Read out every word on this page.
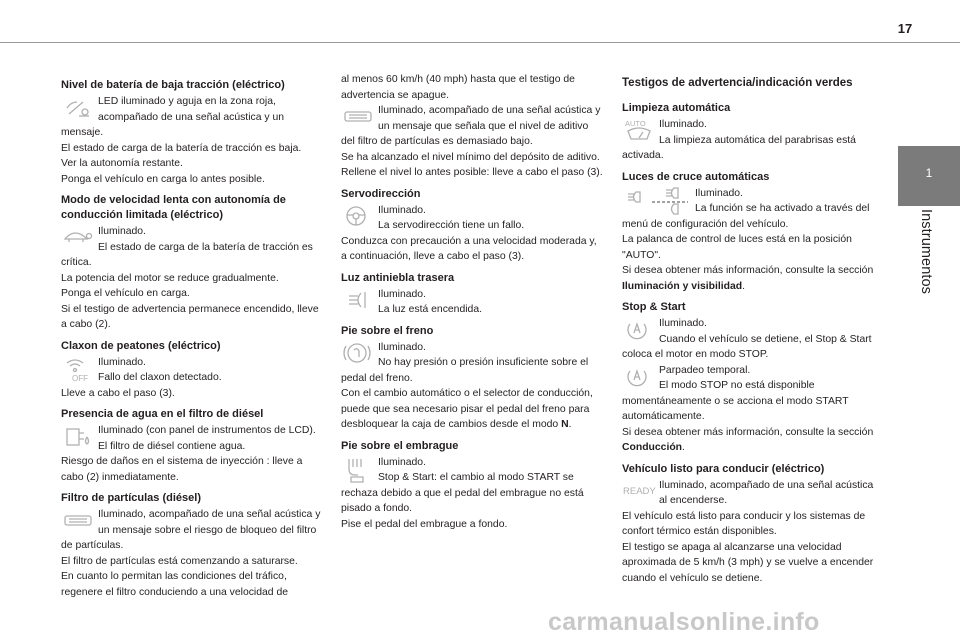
17
1
Instrumentos
Nivel de batería de baja tracción (eléctrico)

LED iluminado y aguja en la zona roja, acompañado de una señal acústica y un mensaje.

El estado de carga de la batería de tracción es baja.

Ver la autonomía restante.

Ponga el vehículo en carga lo antes posible.

Modo de velocidad lenta con autonomía de conducción limitada (eléctrico)

Iluminado.

El estado de carga de la batería de tracción es crítica.

La potencia del motor se reduce gradualmente.

Ponga el vehículo en carga.

Si el testigo de advertencia permanece encendido, lleve a cabo (2).

Claxon de peatones (eléctrico)
OFF

Iluminado.

Fallo del claxon detectado.

Lleve a cabo el paso (3).

Presencia de agua en el filtro de diésel

Iluminado (con panel de instrumentos de LCD).

El filtro de diésel contiene agua.

Riesgo de daños en el sistema de inyección : lleve a cabo (2) inmediatamente.

Filtro de partículas (diésel)

Iluminado, acompañado de una señal acústica y un mensaje sobre el riesgo de bloqueo del filtro de partículas.

El filtro de partículas está comenzando a saturarse.

En cuanto lo permitan las condiciones del tráfico, regenere el filtro conduciendo a una velocidad de

al menos 60 km/h (40 mph) hasta que el testigo de advertencia se apague.

Iluminado, acompañado de una señal acústica y un mensaje que señala que el nivel de aditivo del filtro de partículas es demasiado bajo.

Se ha alcanzado el nivel mínimo del depósito de aditivo.

Rellene el nivel lo antes posible: lleve a cabo el paso (3).

Servodirección

Iluminado.

La servodirección tiene un fallo.

Conduzca con precaución a una velocidad moderada y, a continuación, lleve a cabo el paso (3).

Luz antiniebla trasera

Iluminado.

La luz está encendida.

Pie sobre el freno

Iluminado.

No hay presión o presión insuficiente sobre el pedal del freno.

Con el cambio automático o el selector de conducción, puede que sea necesario pisar el pedal del freno para desbloquear la caja de cambios desde el modo N.

Pie sobre el embrague

Iluminado.

Stop & Start: el cambio al modo START se rechaza debido a que el pedal del embrague no está pisado a fondo.

Pise el pedal del embrague a fondo.

Testigos de advertencia/indicación verdes
Limpieza automática
AUTO	Iluminado.

La limpieza automática del parabrisas está activada.

Luces de cruce automáticas

Iluminado.

La función se ha activado a través del menú de configuración del vehículo.

La palanca de control de luces está en la posición "AUTO".

Si desea obtener más información, consulte la sección Iluminación y visibilidad.

Stop & Start

Iluminado.

Cuando el vehículo se detiene, el Stop & Start coloca el motor en modo STOP.

Parpadeo temporal.

El modo STOP no está disponible momentáneamente o se acciona el modo START automáticamente.

Si desea obtener más información, consulte la sección Conducción.

Vehículo listo para conducir (eléctrico)
READY

Iluminado, acompañado de una señal acústica al encenderse.

El vehículo está listo para conducir y los sistemas de confort térmico están disponibles.

El testigo se apaga al alcanzarse una velocidad aproximada de 5 km/h (3 mph) y se vuelve a encender cuando el vehículo se detiene.

carmanualsonline.info
